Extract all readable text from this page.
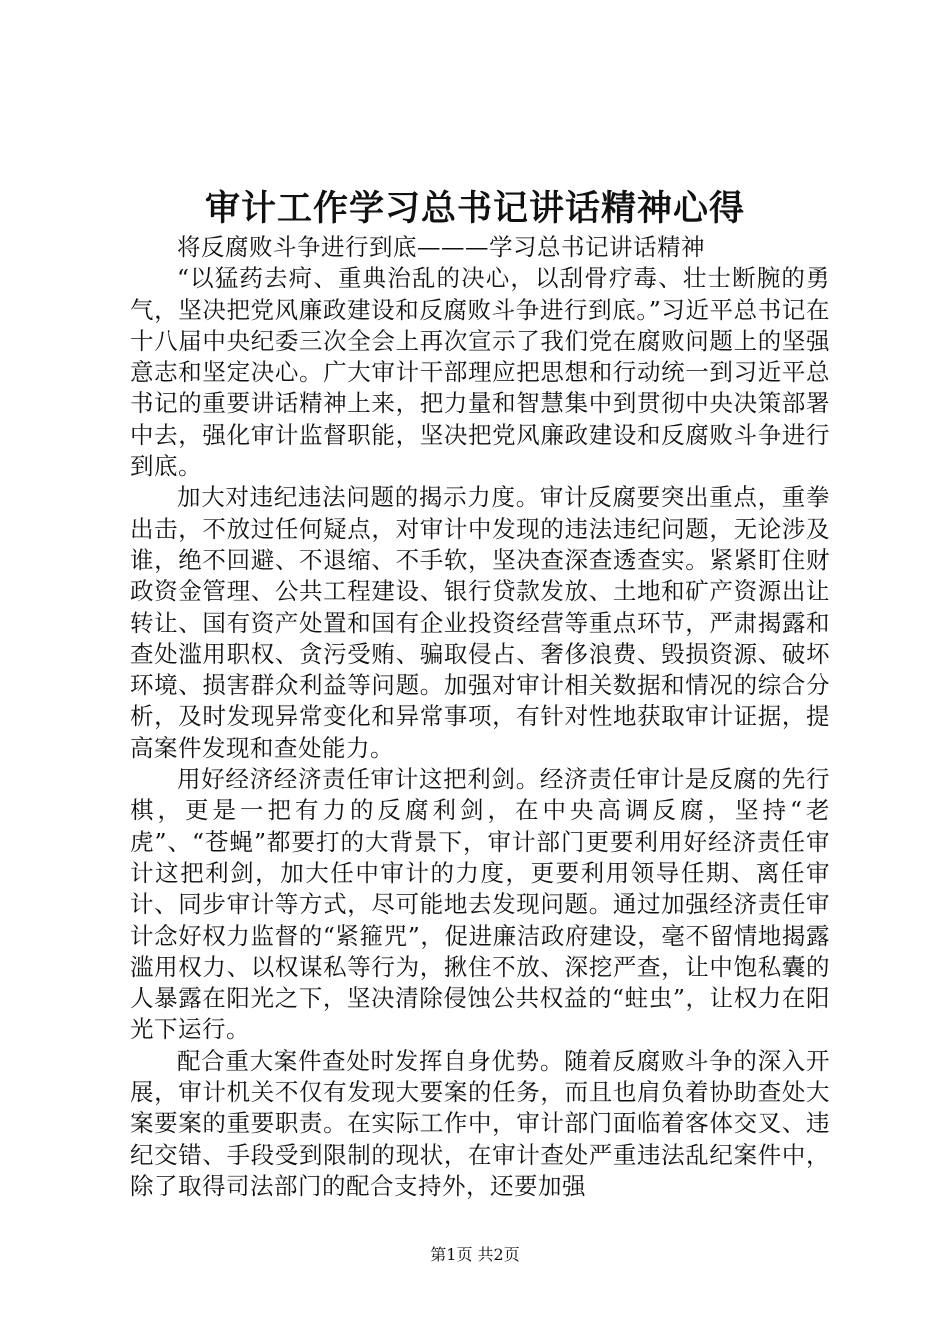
审计工作学习总书记讲话精神心得

将反腐败斗争进行到底———学习总书记讲话精神

“以猛药去疴、重典治乱的决心，以刮骨疗毒、壮士断腕的勇气，坚决把党风廉政建设和反腐败斗争进行到底。”习近平总书记在十八届中央纪委三次全会上再次宣示了我们党在腐败问题上的坚强意志和坚定决心。广大审计干部理应把思想和行动统一到习近平总书记的重要讲话精神上来，把力量和智慧集中到贯彻中央决策部署中去，强化审计监督职能，坚决把党风廉政建设和反腐败斗争进行到底。

加大对违纪违法问题的揭示力度。审计反腐要突出重点，重拳出击，不放过任何疑点，对审计中发现的违法违纪问题，无论涉及谁，绝不回避、不退缩、不手软，坚决查深查透查实。紧紧盯住财政资金管理、公共工程建设、银行贷款发放、土地和矿产资源出让转让、国有资产处置和国有企业投资经营等重点环节，严肃揭露和查处滥用职权、贪污受贿、骗取侵占、奢侈浪费、毁损资源、破坏环境、损害群众利益等问题。加强对审计相关数据和情况的综合分析，及时发现异常变化和异常事项，有针对性地获取审计证据，提高案件发现和查处能力。

用好经济经济责任审计这把利剑。经济责任审计是反腐的先行棋，更是一把有力的反腐利剑，在中央高调反腐，坚持“老虎”、“苍蝇”都要打的大背景下，审计部门更要利用好经济责任审计这把利剑，加大任中审计的力度，更要利用领导任期、离任审计、同步审计等方式，尽可能地去发现问题。通过加强经济责任审计念好权力监督的“紧箍咒”，促进廉洁政府建设，毫不留情地揭露滥用权力、以权谋私等行为，揪住不放、深挖严查，让中饱私囊的人暴露在阳光之下，坚决清除侵蚀公共权益的“蛀虫”，让权力在阳光下运行。

配合重大案件查处时发挥自身优势。随着反腐败斗争的深入开展，审计机关不仅有发现大要案的任务，而且也肩负着协助查处大案要案的重要职责。在实际工作中，审计部门面临着客体交叉、违纪交错、手段受到限制的现状，在审计查处严重违法乱纪案件中，除了取得司法部门的配合支持外，还要加强

第1页 共2页
